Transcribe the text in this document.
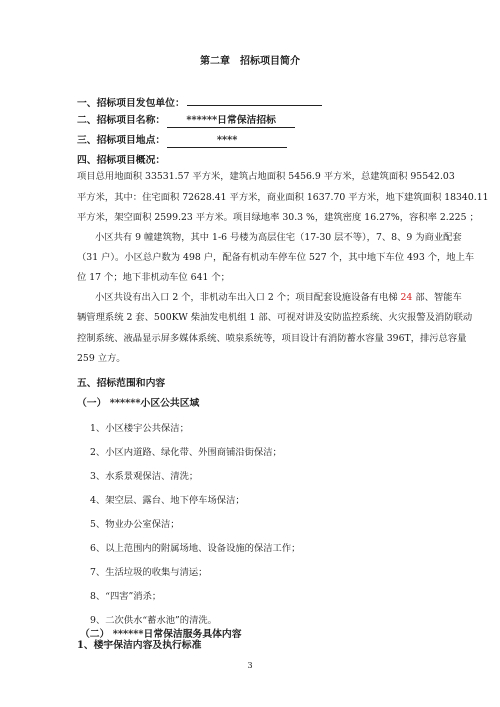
第二章　招标项目简介
一、招标项目发包单位：
二、招标项目名称： ******日常保洁招标
三、招标项目地点：	****
四、招标项目概况：
项目总用地面积 33531.57 平方米，建筑占地面积 5456.9 平方米，总建筑面积 95542.03
平方米，其中：住宅面积 72628.41 平方米，商业面积 1637.70 平方米，地下建筑面积 18340.11
平方米，架空面积 2599.23 平方米。项目绿地率 30.3 %，建筑密度 16.27%，容积率 2.225 ；
小区共有 9 幢建筑物，其中 1-6 号楼为高层住宅（17-30 层不等），7、8、9 为商业配套
（31 户）。小区总户数为 498 户，配备有机动车停车位 527 个，其中地下车位 493 个，地上车
位 17 个；地下非机动车位 641 个；
小区共设有出入口 2 个，非机动车出入口 2 个；项目配套设施设备有电梯 24 部、智能车
辆管理系统 2 套、500KW 柴油发电机组 1 部、可视对讲及安防监控系统、火灾报警及消防联动
控制系统、液晶显示屏多媒体系统、喷泉系统等，项目设计有消防蓄水容量 396T，排污总容量
259 立方。
五、招标范围和内容
（一） ******小区公共区域
1、小区楼宇公共保洁；
2、小区内道路、绿化带、外围商铺沿街保洁；
3、水系景观保洁、清洗；
4、架空层、露台、地下停车场保洁；
5、物业办公室保洁；
6、以上范围内的附属场地、设备设施的保洁工作；
7、生活垃圾的收集与清运；
8、“四害”消杀；
9、二次供水“蓄水池”的清洗。
（二） ******日常保洁服务具体内容
1、楼宇保洁内容及执行标准
3
